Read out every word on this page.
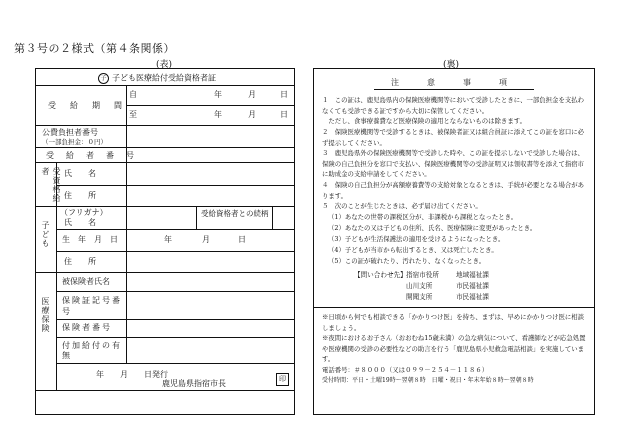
第３号の２様式（第４条関係）
(表)	(裏)
子 子ども医療給付受給資格者証
受　給　期　間
自	年	月	日
至	年	月	日
公費負担者番号
（一部負担金：０円）
受　給　者　番　号
受資格給者	氏　　名
住　　所
子ども
（フリガナ）
氏　　名
受給資格者との続柄
生　年　月　日	年	月	日
住　　所
医療保険
被保険者氏名
保険証記号番号
保険者番号
付加給付の有無
年　　月　　日発行
鹿児島県指宿市長	印
注　意　事　項
１　この証は、鹿児島県内の保険医療機関等において受診したときに、一部負担金を支払わなくても受診できる証ですから大切に保管してください。
　ただし、食事療養費など医療保険の適用とならないものは除きます。
２　保険医療機関等で受診するときは、被保険者証又は組合員証に添えてこの証を窓口に必ず提示してください。
３　鹿児島県外の保険医療機関等で受診した時や、この証を提示しないで受診した場合は、保険の自己負担分を窓口で支払い、保険医療機関等の受診証明又は領収書等を添えて指宿市に助成金の支給申請をしてください。
４　保険の自己負担分が高額療養費等の支給対象となるときは、手続が必要となる場合があります。
５　次のことが生じたときは、必ず届け出てください。
（1）あなたの世帯の課税区分が、非課税から課税となったとき。
（2）あなたの又は子どもの住所、氏名、医療保険に変更があったとき。
（3）子どもが生活保護法の適用を受けるようになったとき。
（4）子どもが当市から転出するとき、又は死亡したとき。
（5）この証が破れたり、汚れたり、なくなったとき。
【問い合わせ先】 指宿市役所	地域福祉課
山川支所	市民福祉課
開聞支所	市民福祉課
※日頃から何でも相談できる「かかりつけ医」を持ち、まずは、早めにかかりつけ医に相談しましょう。
※夜間におけるお子さん（おおむね15歳未満）の急な病気について、看護師などが応急処置や医療機関の受診の必要性などの助言を行う「鹿児島県小児救急電話相談」を実施しています。
電話番号：＃８０００（又は０９９－２５４－１１８６）
受付時間：平日・土曜19時～翌朝８時　日曜・祝日・年末年始８時～翌朝８時
